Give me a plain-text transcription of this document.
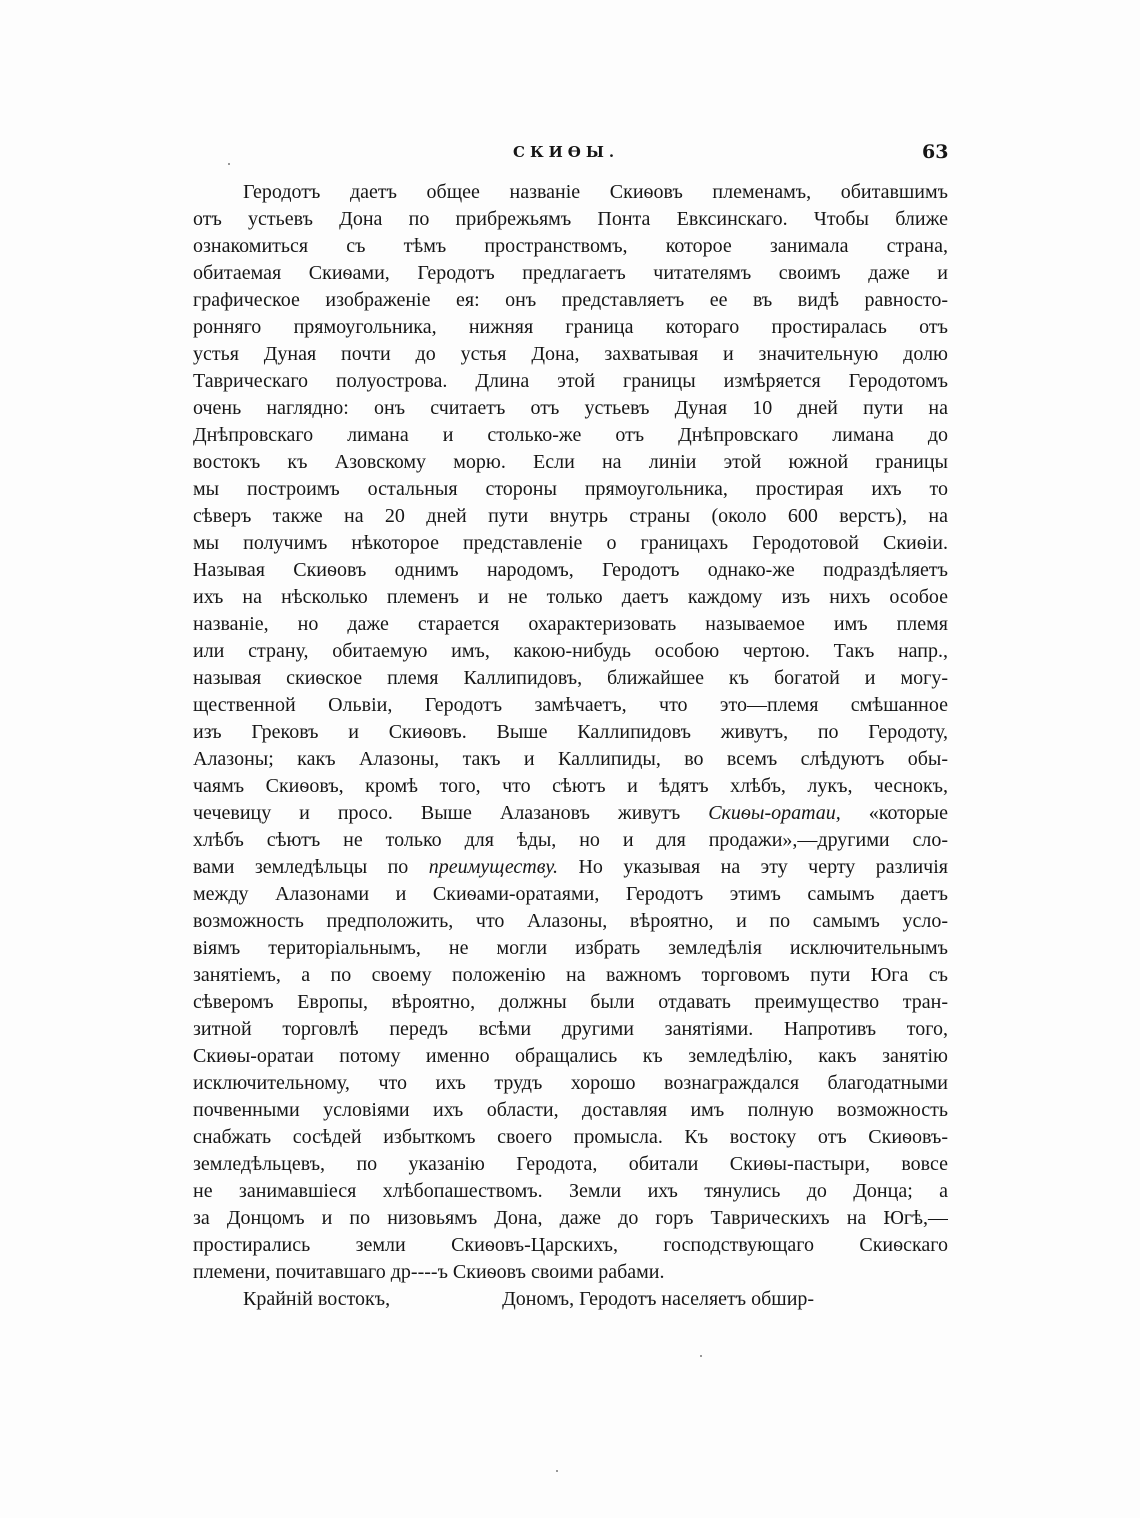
СКИѲЫ.	63
Геродотъ даетъ общее названіе Скиѳовъ племенамъ, обитавшимъ
отъ устьевъ Дона по прибрежьямъ Понта Евксинскаго. Чтобы ближе
ознакомиться съ тѣмъ пространствомъ, которое занимала страна,
обитаемая Скиѳами, Геродотъ предлагаетъ читателямъ своимъ даже и
графическое изображеніе ея: онъ представляетъ ее въ видѣ равносто-
ронняго прямоугольника, нижняя граница котораго простиралась отъ
устья Дуная почти до устья Дона, захватывая и значительную долю
Таврическаго полуострова. Длина этой границы измѣряется Геродотомъ
очень наглядно: онъ считаетъ отъ устьевъ Дуная 10 дней пути на
Днѣпровскаго лимана и столько-же отъ Днѣпровскаго лимана до
востокъ къ Азовскому морю. Если на линіи этой южной границы
мы построимъ остальныя стороны прямоугольника, простирая ихъ то
сѣверъ также на 20 дней пути внутрь страны (около 600 верстъ), на
мы получимъ нѣкоторое представленіе о границахъ Геродотовой Скиѳіи.
Называя Скиѳовъ однимъ народомъ, Геродотъ однако-же подраздѣляетъ
ихъ на нѣсколько племенъ и не только даетъ каждому изъ нихъ особое
названіе, но даже старается охарактеризовать называемое имъ племя
или страну, обитаемую имъ, какою-нибудь особою чертою. Такъ напр.,
называя скиѳское племя Каллипидовъ, ближайшее къ богатой и могу-
щественной Ольвіи, Геродотъ замѣчаетъ, что это—племя смѣшанное
изъ Грековъ и Скиѳовъ. Выше Каллипидовъ живутъ, по Геродоту,
Алазоны; какъ Алазоны, такъ и Каллипиды, во всемъ слѣдуютъ обы-
чаямъ Скиѳовъ, кромѣ того, что сѣютъ и ѣдятъ хлѣбъ, лукъ, чеснокъ,
чечевицу и просо. Выше Алазановъ живутъ Скиѳы-оратаи, «которые
хлѣбъ сѣютъ не только для ѣды, но и для продажи»,—другими сло-
вами земледѣльцы по преимуществу. Но указывая на эту черту различія
между Алазонами и Скиѳами-оратаями, Геродотъ этимъ самымъ даетъ
возможность предположить, что Алазоны, вѣроятно, и по самымъ усло-
віямъ територіальнымъ, не могли избрать земледѣлія исключительнымъ
занятіемъ, а по своему положенію на важномъ торговомъ пути Юга съ
сѣверомъ Европы, вѣроятно, должны были отдавать преимущество тран-
зитной торговлѣ передъ всѣми другими занятіями. Напротивъ того,
Скиѳы-оратаи потому именно обращались къ земледѣлію, какъ занятію
исключительному, что ихъ трудъ хорошо вознаграждался благодатными
почвенными условіями ихъ области, доставляя имъ полную возможность
снабжать сосѣдей избыткомъ своего промысла. Къ востоку отъ Скиѳовъ-
земледѣльцевъ, по указанію Геродота, обитали Скиѳы-пастыри, вовсе
не занимавшіеся хлѣбопашествомъ. Земли ихъ тянулись до Донца; а
за Донцомъ и по низовьямъ Дона, даже до горъ Таврическихъ на Югѣ,—
простирались земли Скиѳовъ-Царскихъ, господствующаго Скиѳскаго
племени, почитавшаго др----ъ Скиѳовъ своими рабами.
Крайній востокъ,	Дономъ, Геродотъ населяетъ обшир-
